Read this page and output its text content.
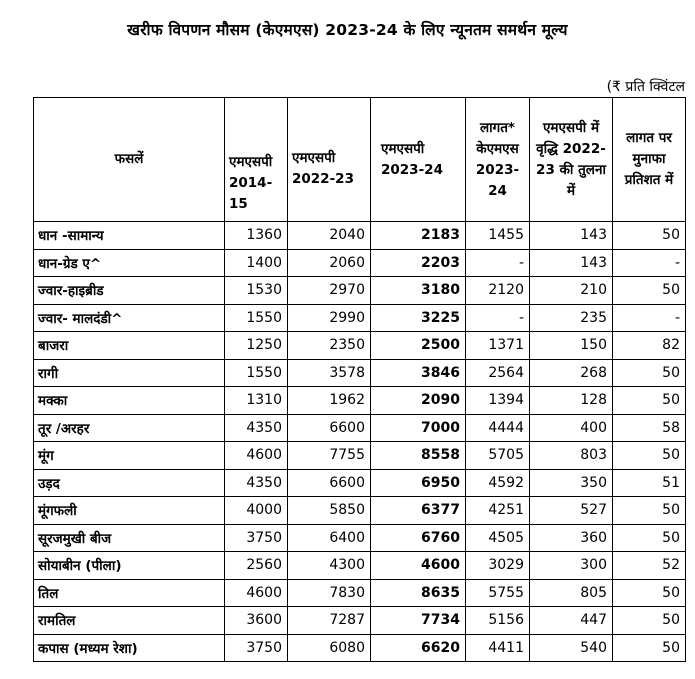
खरीफ विपणन मौसम (केएमएस) 2023-24 के लिए न्यूनतम समर्थन मूल्य
(₹ प्रति क्विंटल
फसलें	एमएसपी 2014-15	एमएसपी 2022-23	एमएसपी 2023-24	लागत* केएमएस 2023-24	एमएसपी में वृद्धि 2022-23 की तुलना में	लागत पर मुनाफा प्रतिशत में
धान -सामान्य	1360	2040	2183	1455	143	50
धान-ग्रेड ए^	1400	2060	2203	-	143	-
ज्वार-हाइब्रीड	1530	2970	3180	2120	210	50
ज्वार- मालदंडी^	1550	2990	3225	-	235	-
बाजरा	1250	2350	2500	1371	150	82
रागी	1550	3578	3846	2564	268	50
मक्का	1310	1962	2090	1394	128	50
तूर /अरहर	4350	6600	7000	4444	400	58
मूंग	4600	7755	8558	5705	803	50
उड़द	4350	6600	6950	4592	350	51
मूंगफली	4000	5850	6377	4251	527	50
सूरजमुखी बीज	3750	6400	6760	4505	360	50
सोयाबीन (पीला)	2560	4300	4600	3029	300	52
तिल	4600	7830	8635	5755	805	50
रामतिल	3600	7287	7734	5156	447	50
कपास (मध्यम रेशा)	3750	6080	6620	4411	540	50
